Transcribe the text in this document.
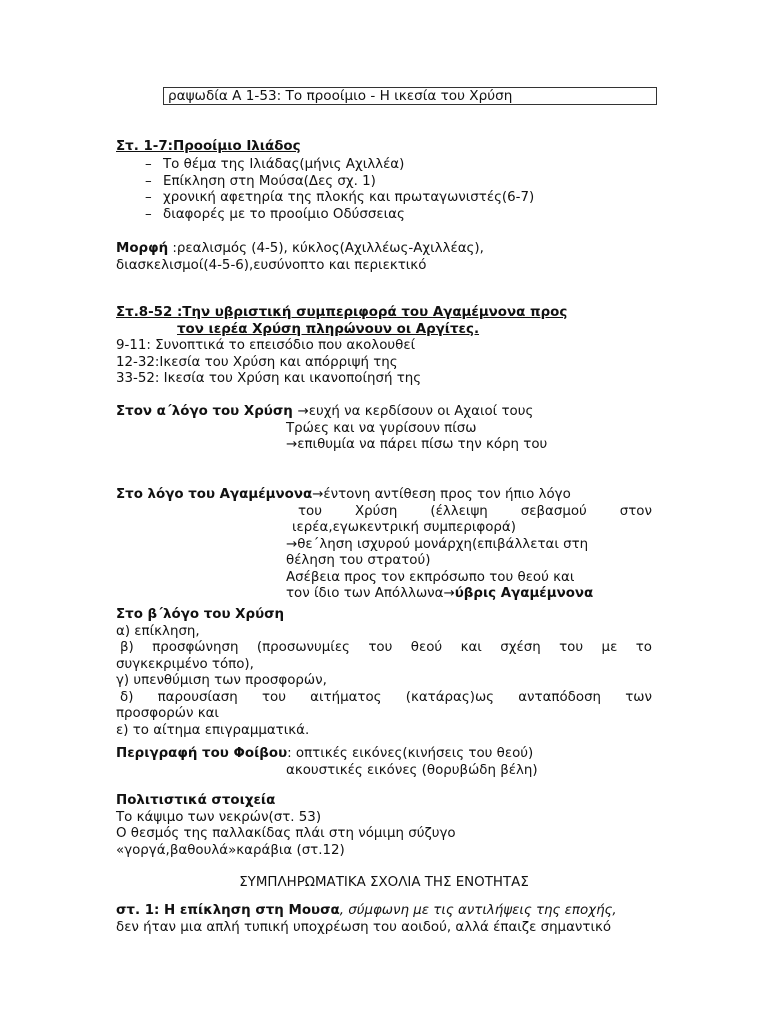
ραψωδία Α 1-53: Το προοίμιο - Η ικεσία του Χρύση
Στ. 1-7:Προοίμιο Ιλιάδος
– Το θέμα της Ιλιάδας(μήνις Αχιλλέα)
– Επίκληση στη Μούσα(Δες σχ. 1)
– χρονική αφετηρία της πλοκής και πρωταγωνιστές(6-7)
– διαφορές με το προοίμιο Οδύσσειας
Μορφή :ρεαλισμός (4-5), κύκλος(Αχιλλέως-Αχιλλέας),
διασκελισμοί(4-5-6),ευσύνοπτο και περιεκτικό
Στ.8-52 :Την υβριστική συμπεριφορά του Αγαμέμνονα προς
τον ιερέα Χρύση πληρώνουν οι Αργίτες.
9-11: Συνοπτικά το επεισόδιο που ακολουθεί
12-32:Ικεσία του Χρύση και απόρριψή της
33-52: Ικεσία του Χρύση και ικανοποίησή της
Στον α΄λόγο του Χρύση →ευχή να κερδίσουν οι Αχαιοί τους
Τρώες και να γυρίσουν πίσω
→επιθυμία να πάρει πίσω την κόρη του
Στο λόγο του Αγαμέμνονα→έντονη αντίθεση προς τον ήπιο λόγο
του Χρύση (έλλειψη σεβασμού στον
ιερέα,εγωκεντρική συμπεριφορά)
→θε΄ληση ισχυρού μονάρχη(επιβάλλεται στη
θέληση του στρατού)
Ασέβεια προς τον εκπρόσωπο του θεού και
τον ίδιο των Απόλλωνα→ύβρις Αγαμέμνονα
Στο β΄λόγο του Χρύση
α) επίκληση,
β) προσφώνηση (προσωνυμίες του θεού και σχέση του με το
συγκεκριμένο τόπο),
γ) υπενθύμιση των προσφορών,
δ) παρουσίαση του αιτήματος (κατάρας)ως ανταπόδοση των
προσφορών και
ε) το αίτημα επιγραμματικά.
Περιγραφή του Φοίβου: οπτικές εικόνες(κινήσεις του θεού)
ακουστικές εικόνες (θορυβώδη βέλη)
Πολιτιστικά στοιχεία
Το κάψιμο των νεκρών(στ. 53)
Ο θεσμός της παλλακίδας πλάι στη νόμιμη σύζυγο
«γοργά,βαθουλά»καράβια (στ.12)
ΣΥΜΠΛΗΡΩΜΑΤΙΚΑ ΣΧΟΛΙΑ ΤΗΣ ΕΝΟΤΗΤΑΣ
στ. 1: Η επίκληση στη Μουσα, σύμφωνη με τις αντιλήψεις της εποχής,
δεν ήταν μια απλή τυπική υποχρέωση του αοιδού, αλλά έπαιζε σημαντικό
